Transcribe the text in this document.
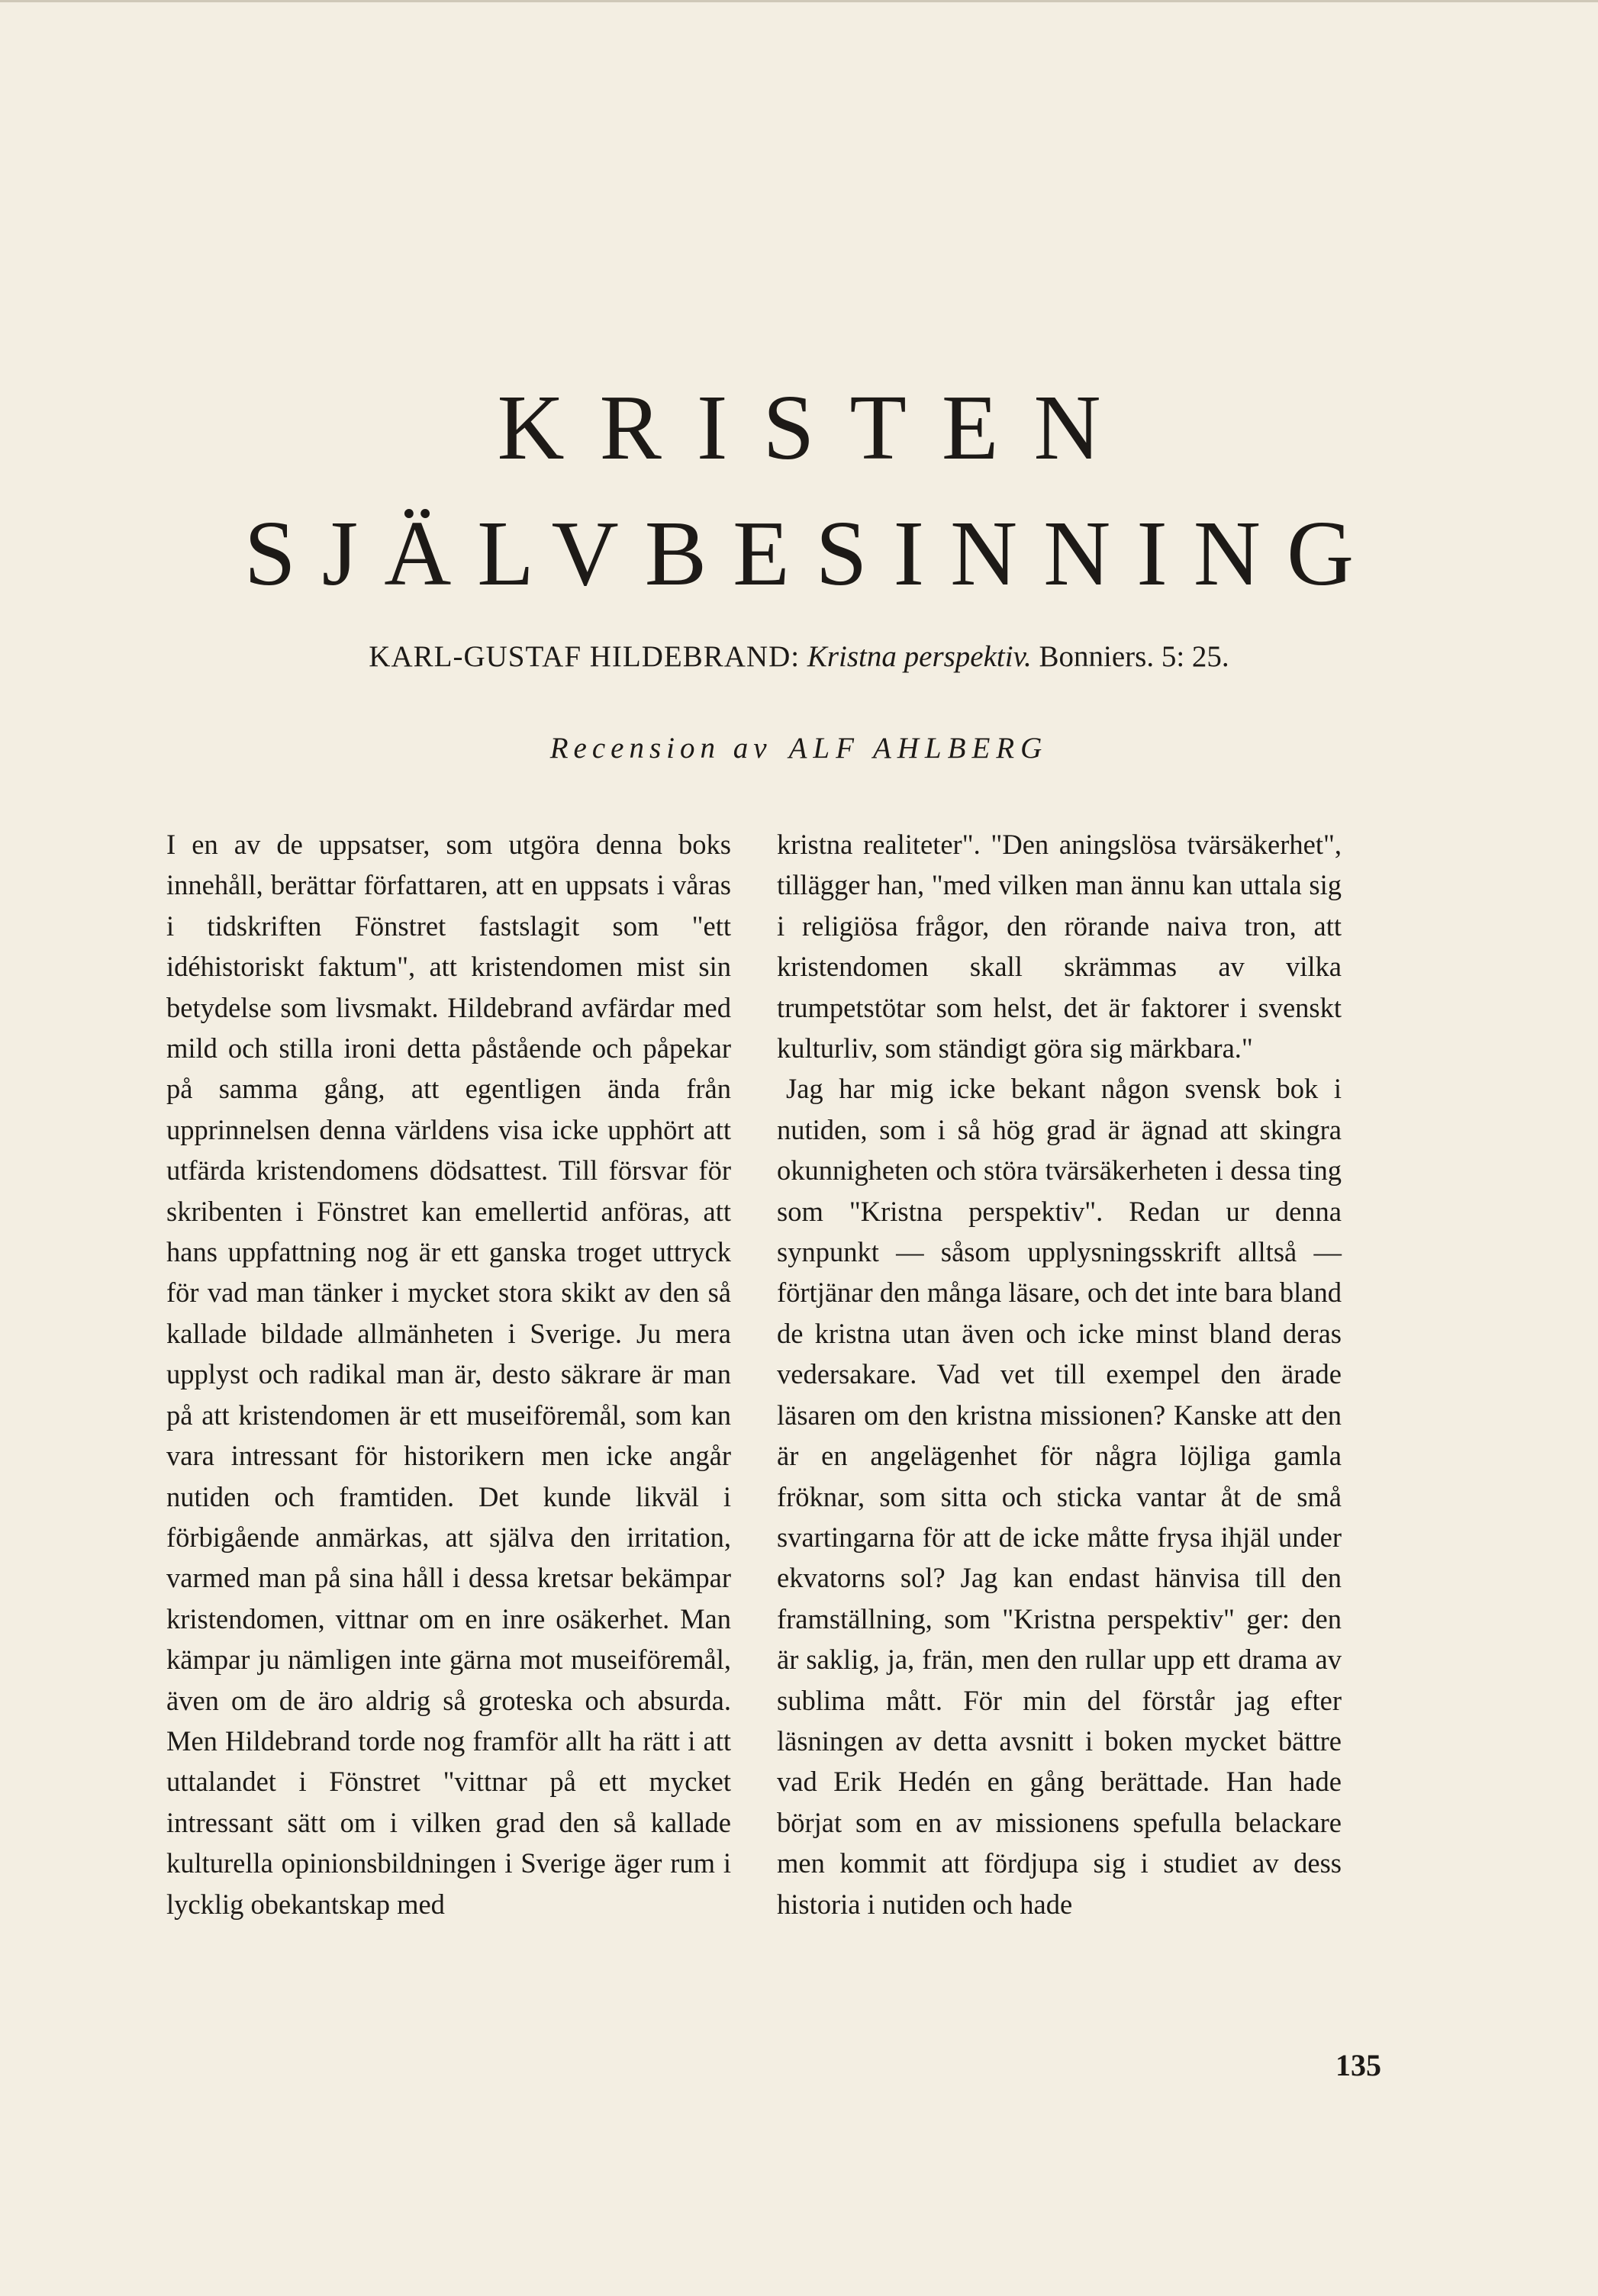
KRISTEN
SJÄLVBESINNING
KARL-GUSTAF HILDEBRAND: Kristna perspektiv. Bonniers. 5: 25.
Recension av ALF AHLBERG

I en av de uppsatser, som utgöra denna boks innehåll, berättar författaren, att en uppsats i våras i tidskriften Fönstret fastslagit som "ett idéhistoriskt faktum", att kristendomen mist sin betydelse som livsmakt. Hildebrand avfärdar med mild och stilla ironi detta påstående och påpekar på samma gång, att egentligen ända från upprinnelsen denna världens visa icke upphört att utfärda kristendomens dödsattest. Till försvar för skribenten i Fönstret kan emellertid anföras, att hans uppfattning nog är ett ganska troget uttryck för vad man tänker i mycket stora skikt av den så kallade bildade allmänheten i Sverige. Ju mera upplyst och radikal man är, desto säkrare är man på att kristendomen är ett museiföremål, som kan vara intressant för historikern men icke angår nutiden och framtiden. Det kunde likväl i förbigående anmärkas, att själva den irritation, varmed man på sina håll i dessa kretsar bekämpar kristendomen, vittnar om en inre osäkerhet. Man kämpar ju nämligen inte gärna mot museiföremål, även om de äro aldrig så groteska och absurda. Men Hildebrand torde nog framför allt ha rätt i att uttalandet i Fönstret "vittnar på ett mycket intressant sätt om i vilken grad den så kallade kulturella opinionsbildningen i Sverige äger rum i lycklig obekantskap med

kristna realiteter". "Den aningslösa tvärsäkerhet", tillägger han, "med vilken man ännu kan uttala sig i religiösa frågor, den rörande naiva tron, att kristendomen skall skrämmas av vilka trumpetstötar som helst, det är faktorer i svenskt kulturliv, som ständigt göra sig märkbara."

Jag har mig icke bekant någon svensk bok i nutiden, som i så hög grad är ägnad att skingra okunnigheten och störa tvärsäkerheten i dessa ting som "Kristna perspektiv". Redan ur denna synpunkt — såsom upplysningsskrift alltså — förtjänar den många läsare, och det inte bara bland de kristna utan även och icke minst bland deras vedersakare. Vad vet till exempel den ärade läsaren om den kristna missionen? Kanske att den är en angelägenhet för några löjliga gamla fröknar, som sitta och sticka vantar åt de små svartingarna för att de icke måtte frysa ihjäl under ekvatorns sol? Jag kan endast hänvisa till den framställning, som "Kristna perspektiv" ger: den är saklig, ja, frän, men den rullar upp ett drama av sublima mått. För min del förstår jag efter läsningen av detta avsnitt i boken mycket bättre vad Erik Hedén en gång berättade. Han hade börjat som en av missionens spefulla belackare men kommit att fördjupa sig i studiet av dess historia i nutiden och hade

135
